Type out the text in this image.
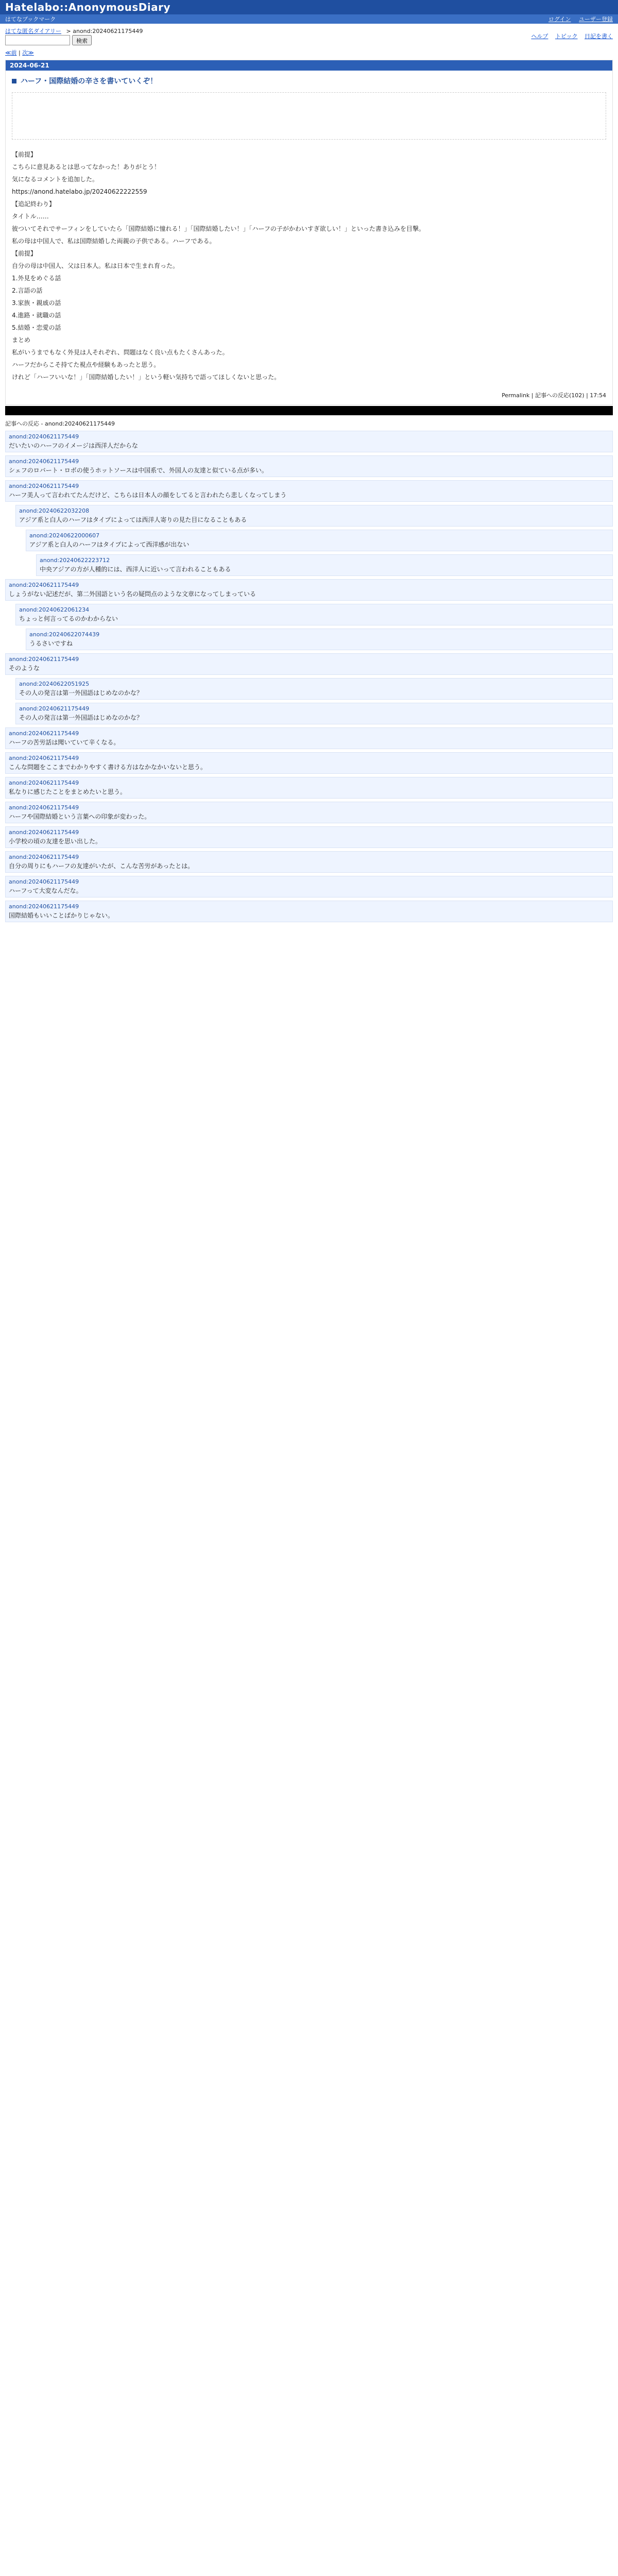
Hatelabo::AnonymousDiary
はてなブックマーク	ログイン ユーザー登録
はてな匿名ダイアリー > anond:20240621175449
検索
ヘルプ トピック 日記を書く
≪前 | 次≫
2024-06-21
ハーフ・国際結婚の辛さを書いていくぞ！
【前提】
こちらに意見あるとは思ってなかった！ありがとう！
気になるコメントを追加した。
https://anond.hatelabo.jp/20240622222559
【追記終わり】
タイトル……
彼ついてそれでサーフィンをしていたら「国際結婚に憧れる！」「国際結婚したい！」「ハーフの子がかわいすぎ欲しい！」といった書き込みを目撃。
私の母は中国人で、私は国際結婚した両親の子供である。ハーフである。
【前提】
自分の母は中国人、父は日本人。私は日本で生まれ育った。
1.外見をめぐる話
2.言語の話
3.家族・親戚の話
4.進路・就職の話
5.結婚・恋愛の話
まとめ
私がいうまでもなく外見は人それぞれ、問題はなく良い点もたくさんあった。
ハーフだからこそ持てた視点や経験もあったと思う。
けれど「ハーフいいな！」「国際結婚したい！」という軽い気持ちで語ってほしくないと思った。
Permalink | 記事への反応(102) | 17:54
記事への反応 - anond:20240621175449
anond:20240621175449
だいたいのハーフのイメージは西洋人だからな
anond:20240621175449
シェフのロバート・ロボの使うホットソースは中国系で、外国人の友達と似ている点が多い。
anond:20240621175449
ハーフ美人って言われてたんだけど、こちらは日本人の顔をしてると言われたら悲しくなってしまう
anond:20240622032208
アジア系と白人のハーフはタイプによっては西洋人寄りの見た目になることもある
anond:20240622000607
アジア系と白人のハーフはタイプによって西洋感が出ない
anond:20240622223712
中央アジアの方が人種的には、西洋人に近いって言われることもある
anond:20240621175449
しょうがない記述だが、第二外国語という名の疑問点のような文章になってしまっている
anond:20240622061234
ちょっと何言ってるのかわからない
anond:20240622074439
うるさいですね
anond:20240621175449
そのような
anond:20240622051925
その人の発言は第一外国語はじめなのかな？
anond:20240621175449
その人の発言は第一外国語はじめなのかな？
anond:20240621175449
ハーフの苦労話は聞いていて辛くなる。
anond:20240621175449
こんな問題をここまでわかりやすく書ける方はなかなかいないと思う。
anond:20240621175449
私なりに感じたことをまとめたいと思う。
anond:20240621175449
ハーフや国際結婚という言葉への印象が変わった。
anond:20240621175449
小学校の頃の友達を思い出した。
anond:20240621175449
自分の周りにもハーフの友達がいたが、こんな苦労があったとは。
anond:20240621175449
ハーフって大変なんだな。
anond:20240621175449
国際結婚もいいことばかりじゃない。
